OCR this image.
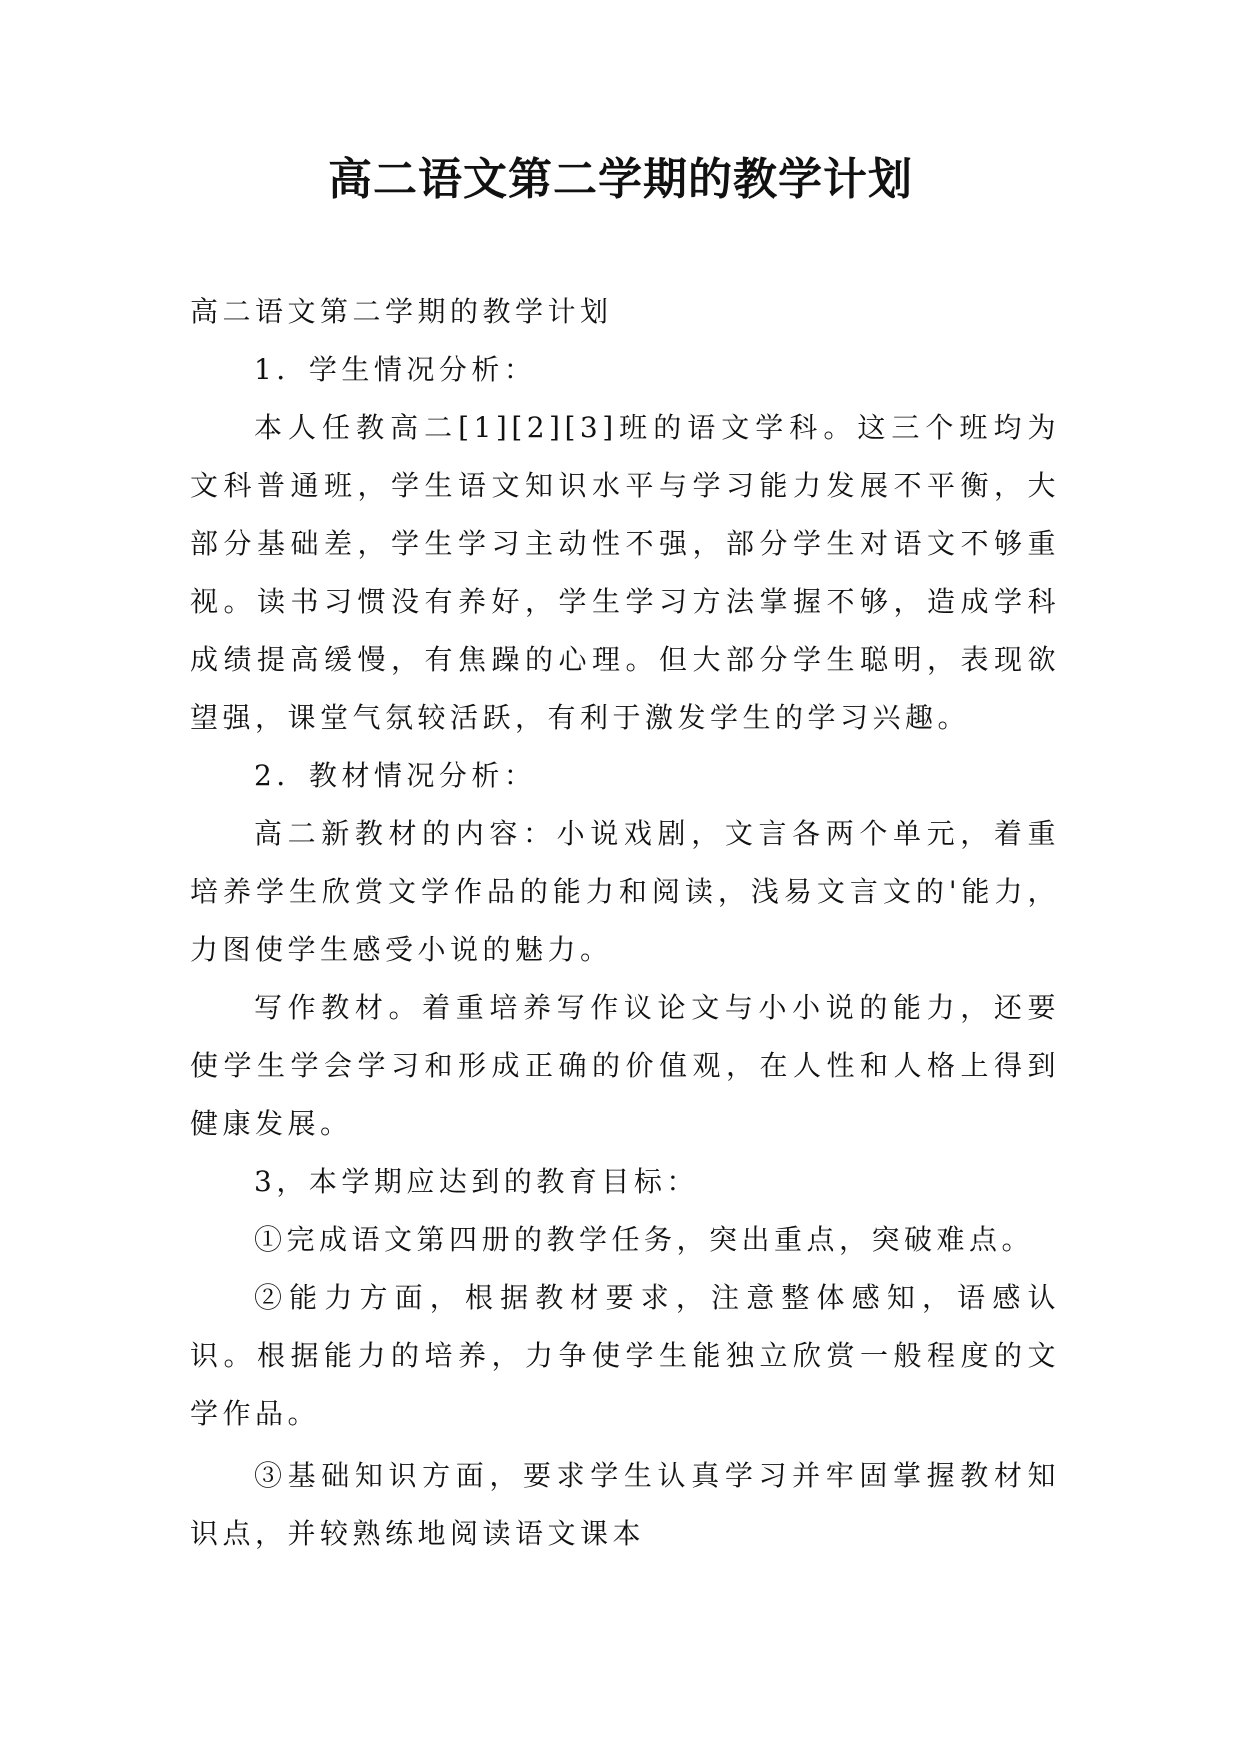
高二语文第二学期的教学计划

高二语文第二学期的教学计划

1．学生情况分析：

本人任教高二[1][2][3]班的语文学科。这三个班均为文科普通班，学生语文知识水平与学习能力发展不平衡，大部分基础差，学生学习主动性不强，部分学生对语文不够重视。读书习惯没有养好，学生学习方法掌握不够，造成学科成绩提高缓慢，有焦躁的心理。但大部分学生聪明，表现欲望强，课堂气氛较活跃，有利于激发学生的学习兴趣。

2．教材情况分析：

高二新教材的内容：小说戏剧，文言各两个单元，着重培养学生欣赏文学作品的能力和阅读，浅易文言文的'能力，力图使学生感受小说的魅力。

写作教材。着重培养写作议论文与小小说的能力，还要使学生学会学习和形成正确的价值观，在人性和人格上得到健康发展。

3，本学期应达到的教育目标：

①完成语文第四册的教学任务，突出重点，突破难点。

②能力方面，根据教材要求，注意整体感知，语感认识。根据能力的培养，力争使学生能独立欣赏一般程度的文学作品。

③基础知识方面，要求学生认真学习并牢固掌握教材知识点，并较熟练地阅读语文课本
